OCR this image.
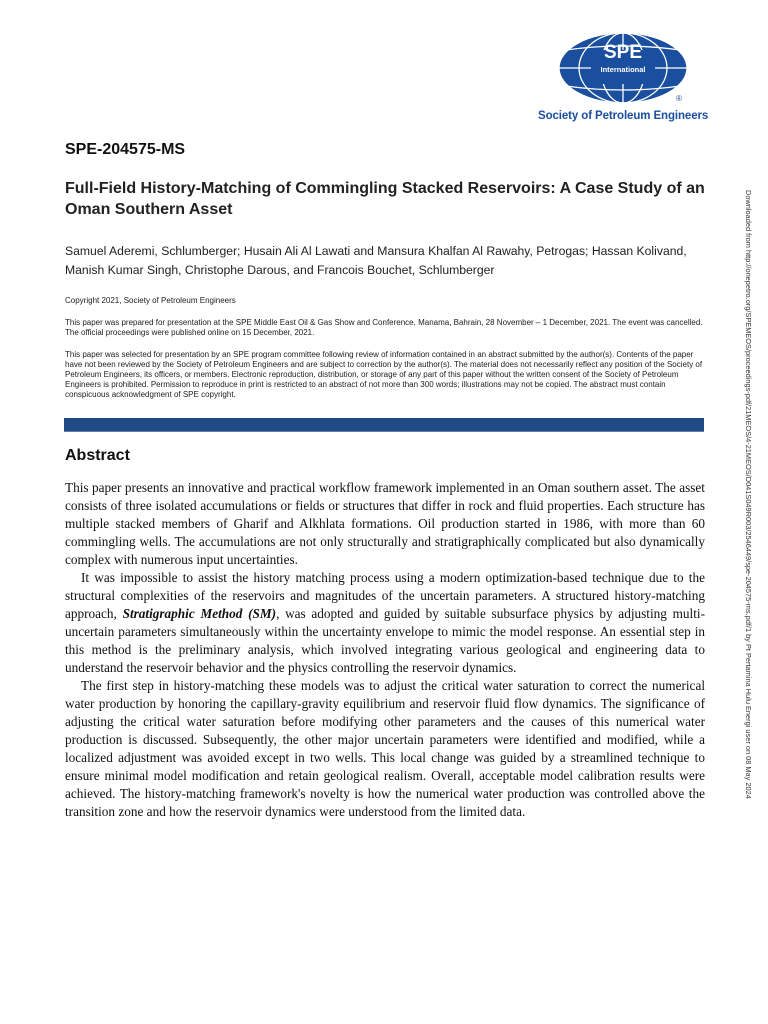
SPE
International
®
Society of Petroleum Engineers
SPE-204575-MS
Full-Field History-Matching of Commingling Stacked Reservoirs: A Case Study of an Oman Southern Asset
Samuel Aderemi, Schlumberger; Husain Ali Al Lawati and Mansura Khalfan Al Rawahy, Petrogas; Hassan Kolivand, Manish Kumar Singh, Christophe Darous, and Francois Bouchet, Schlumberger
Copyright 2021, Society of Petroleum Engineers
This paper was prepared for presentation at the SPE Middle East Oil & Gas Show and Conference, Manama, Bahrain, 28 November – 1 December, 2021. The event was cancelled. The official proceedings were published online on 15 December, 2021.
This paper was selected for presentation by an SPE program committee following review of information contained in an abstract submitted by the author(s). Contents of the paper have not been reviewed by the Society of Petroleum Engineers and are subject to correction by the author(s). The material does not necessarily reflect any position of the Society of Petroleum Engineers, its officers, or members. Electronic reproduction, distribution, or storage of any part of this paper without the written consent of the Society of Petroleum Engineers is prohibited. Permission to reproduce in print is restricted to an abstract of not more than 300 words; illustrations may not be copied. The abstract must contain conspicuous acknowledgment of SPE copyright.
Abstract

This paper presents an innovative and practical workflow framework implemented in an Oman southern asset. The asset consists of three isolated accumulations or fields or structures that differ in rock and fluid properties. Each structure has multiple stacked members of Gharif and Alkhlata formations. Oil production started in 1986, with more than 60 commingling wells. The accumulations are not only structurally and stratigraphically complicated but also dynamically complex with numerous input uncertainties.

It was impossible to assist the history matching process using a modern optimization-based technique due to the structural complexities of the reservoirs and magnitudes of the uncertain parameters. A structured history-matching approach, Stratigraphic Method (SM), was adopted and guided by suitable subsurface physics by adjusting multi-uncertain parameters simultaneously within the uncertainty envelope to mimic the model response. An essential step in this method is the preliminary analysis, which involved integrating various geological and engineering data to understand the reservoir behavior and the physics controlling the reservoir dynamics.

The first step in history-matching these models was to adjust the critical water saturation to correct the numerical water production by honoring the capillary-gravity equilibrium and reservoir fluid flow dynamics. The significance of adjusting the critical water saturation before modifying other parameters and the causes of this numerical water production is discussed. Subsequently, the other major uncertain parameters were identified and modified, while a localized adjustment was avoided except in two wells. This local change was guided by a streamlined technique to ensure minimal model modification and retain geological realism. Overall, acceptable model calibration results were achieved. The history-matching framework's novelty is how the numerical water production was controlled above the transition zone and how the reservoir dynamics were understood from the limited data.

Downloaded from http://onepetro.org/SPEMEOS/proceedings-pdf/21MEOS/4-21MEOS/D041S049R003/2546449/spe-204575-ms.pdf/1 by Pt Pertamina Hulu Energi user on 08 May 2024
